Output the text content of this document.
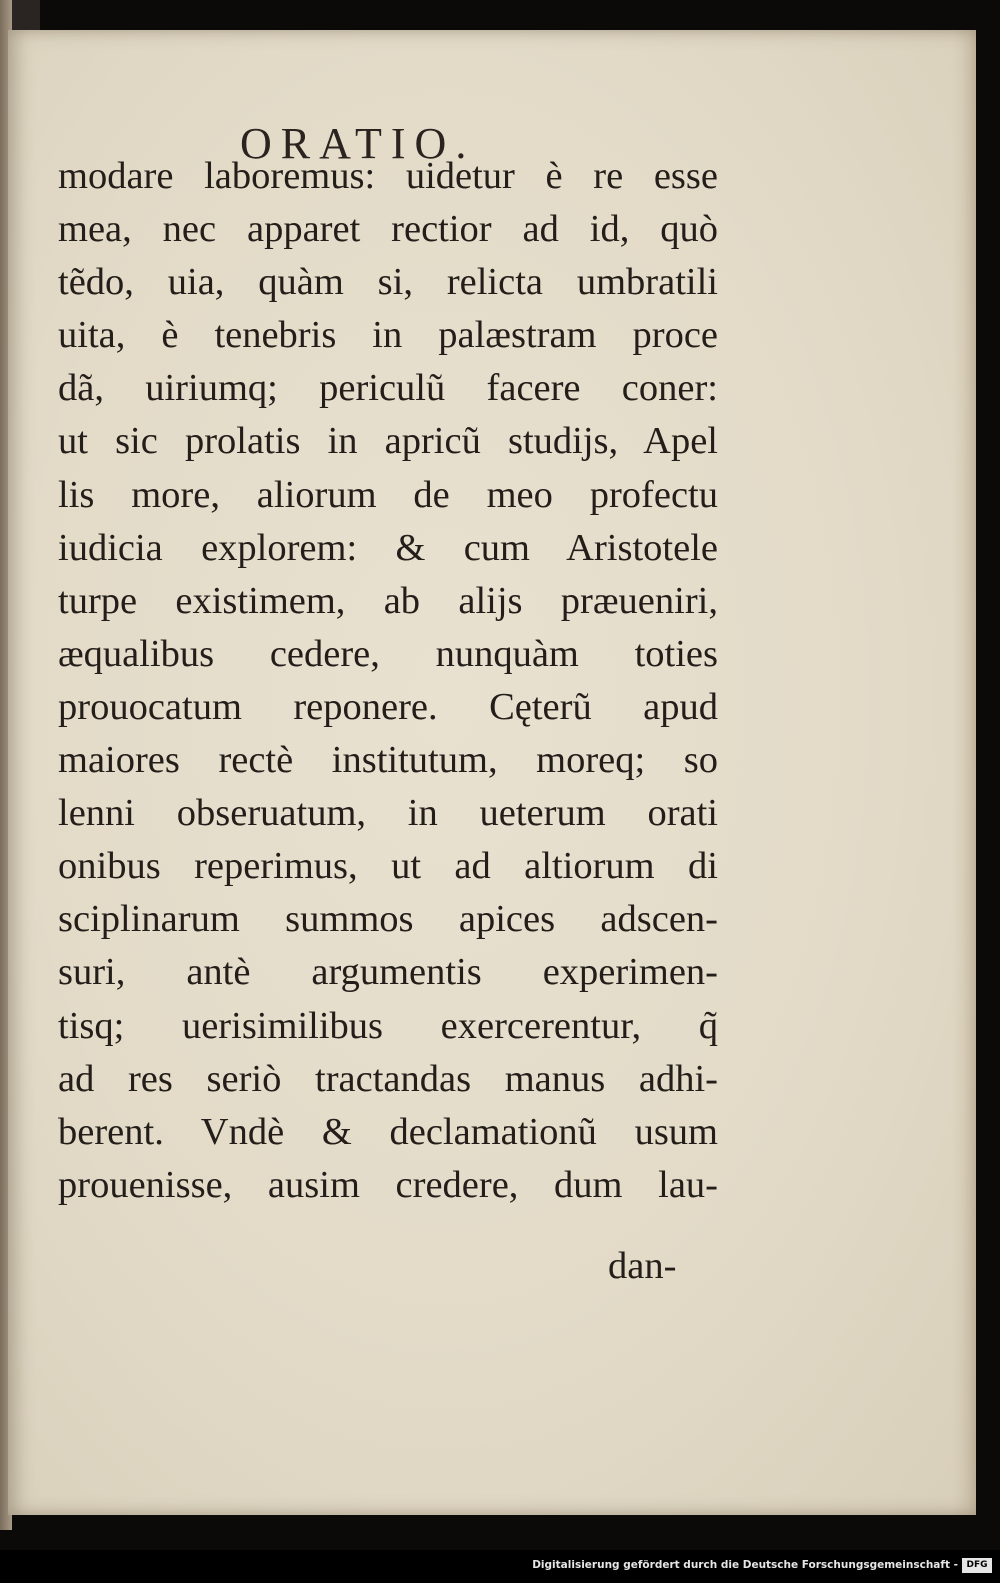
ORATIO.
modare laboremus: uidetur è re esse
mea, nec apparet rectior ad id, quò
tẽdo, uia, quàm si, relicta umbratili
uita, è tenebris in palæstram proce
dã, uiriumq; periculũ facere coner:
ut sic prolatis in apricũ studijs, Apel
lis more, aliorum de meo profectu
iudicia explorem: & cum Aristotele
turpe existimem, ab alijs præueniri,
æqualibus cedere, nunquàm toties
prouocatum reponere. Cęterũ apud
maiores rectè institutum, moreq; so
lenni obseruatum, in ueterum orati
onibus reperimus, ut ad altiorum di
sciplinarum summos apices adscen-
suri, antè argumentis experimen-
tisq; uerisimilibus exercerentur, q̃
ad res seriò tractandas manus adhi-
berent. Vndè & declamationũ usum
prouenisse, ausim credere, dum lau-
dan-
Digitalisierung gefördert durch die Deutsche Forschungsgemeinschaft - DFG
